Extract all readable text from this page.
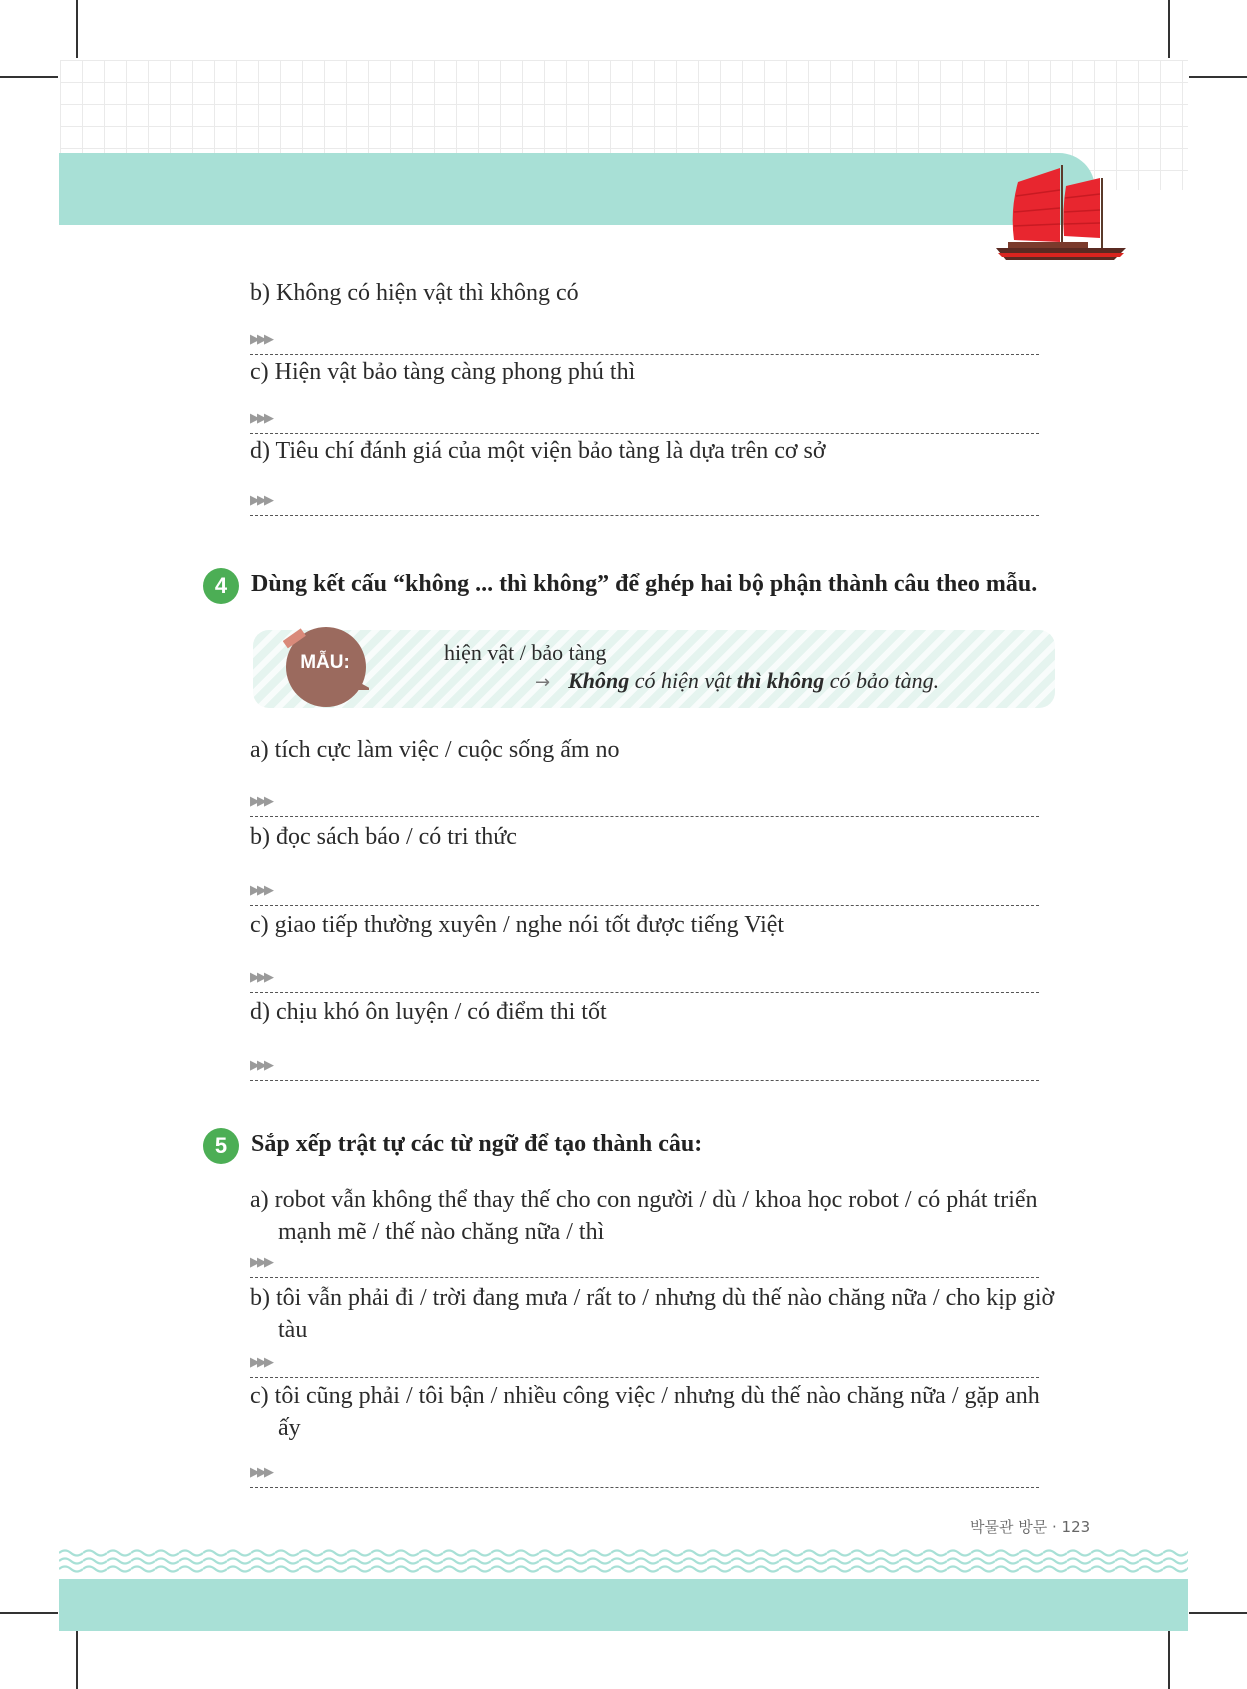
b) Không có hiện vật thì không có
▶▶▶
c) Hiện vật bảo tàng càng phong phú thì
▶▶▶
d) Tiêu chí đánh giá của một viện bảo tàng là dựa trên cơ sở
▶▶▶
4 Dùng kết cấu “không ... thì không” để ghép hai bộ phận thành câu theo mẫu.
MẪU:	hiện vật / bảo tàng
→ Không có hiện vật thì không có bảo tàng.
a) tích cực làm việc / cuộc sống ấm no
▶▶▶
b) đọc sách báo / có tri thức
▶▶▶
c) giao tiếp thường xuyên / nghe nói tốt được tiếng Việt
▶▶▶
d) chịu khó ôn luyện / có điểm thi tốt
▶▶▶
5 Sắp xếp trật tự các từ ngữ để tạo thành câu:
a) robot vẫn không thể thay thế cho con người / dù / khoa học robot / có phát triển mạnh mẽ / thế nào chăng nữa / thì
▶▶▶
b) tôi vẫn phải đi / trời đang mưa / rất to / nhưng dù thế nào chăng nữa / cho kịp giờ tàu
▶▶▶
c) tôi cũng phải / tôi bận / nhiều công việc / nhưng dù thế nào chăng nữa / gặp anh ấy
▶▶▶
박물관 방문 · 123
